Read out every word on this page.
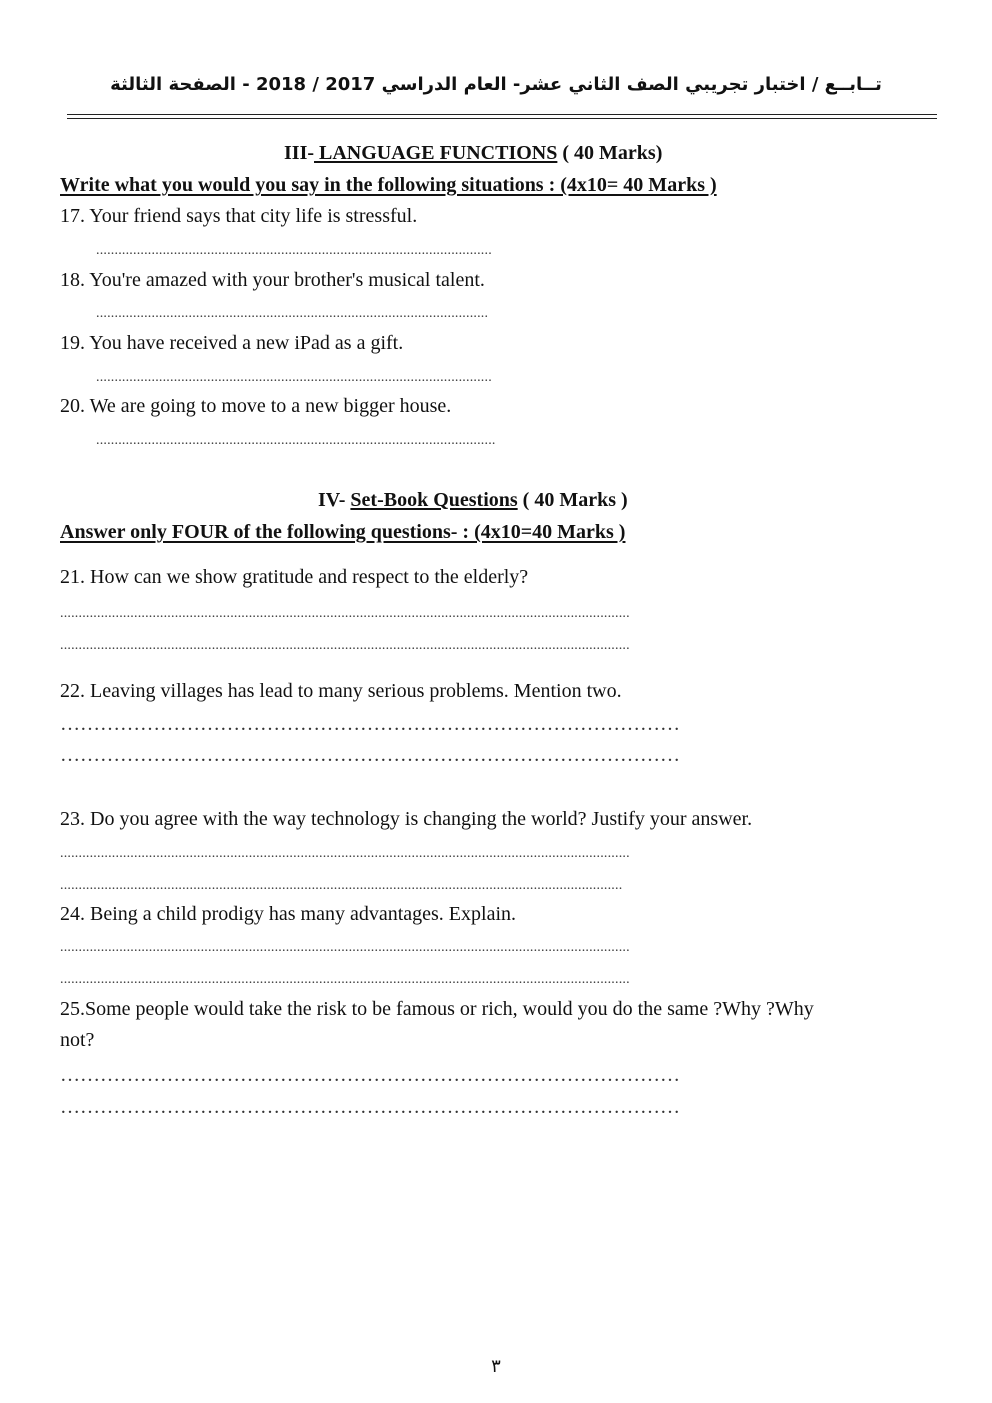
تــابــع / اختبار تجريبي الصف الثاني عشر- العام الدراسي 2017 / 2018 - الصفحة الثالثة
III- LANGUAGE FUNCTIONS ( 40 Marks)
Write what you would you say in the following situations : (4x10= 40 Marks )
17. Your friend says that city life is stressful.
...........................................................................................................
18. You're amazed with your brother's musical talent.
..........................................................................................................
19. You have received a new iPad as a gift.
...........................................................................................................
20. We are going to move to a new bigger house.
............................................................................................................
IV- Set-Book Questions ( 40 Marks )
Answer only FOUR of the following questions- : (4x10=40 Marks )
21. How can we show gratitude and respect to the elderly?
..........................................................................................................................................................
..........................................................................................................................................................
22. Leaving villages has lead to many serious problems. Mention two.
…………………………………………………………………………………
…………………………………………………………………………………
23. Do you agree with the way technology is changing the world? Justify your answer.
..........................................................................................................................................................
........................................................................................................................................................
24. Being a child prodigy has many advantages. Explain.
..........................................................................................................................................................
..........................................................................................................................................................
25.Some people would take the risk to be famous or rich, would you do the same ?Why ?Why
not?
…………………………………………………………………………………
…………………………………………………………………………………
٣
